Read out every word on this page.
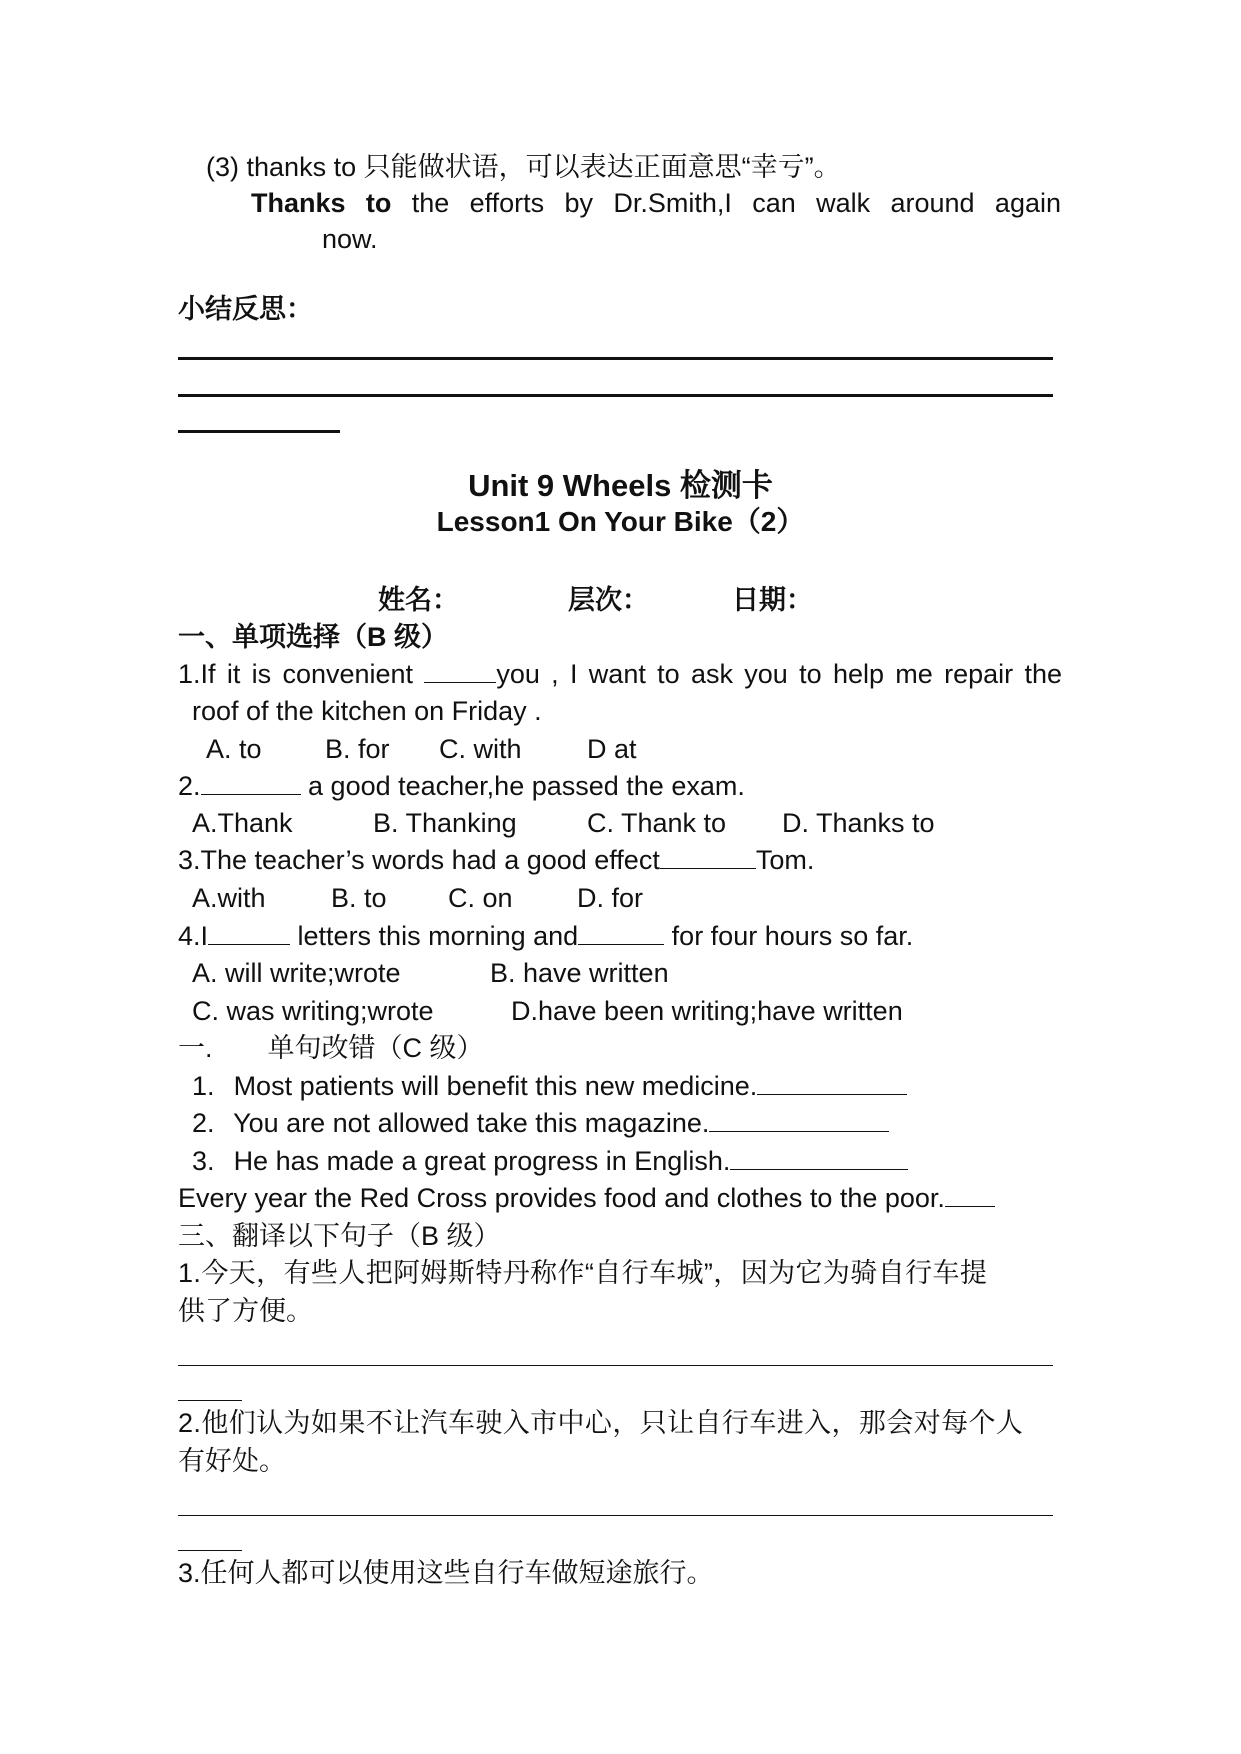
(3) thanks to 只能做状语，可以表达正面意思“幸亏”。
Thanks to the efforts by Dr.Smith,I can walk around again
now.
小结反思：
Unit 9 Wheels 检测卡
Lesson1 On Your Bike（2）
姓名：	层次：	日期：
一、单项选择（B 级）
1.If it is convenient	you , I want to ask you to help me repair the
roof of the kitchen on Friday .
A. to B. for C. with D at
2.	a good teacher,he passed the exam.
A.Thank	B. Thanking	C. Thank to D. Thanks to
3.The teacher’s words had a good effect	Tom.
A.with B. to C. on D. for
4.I	letters this morning and	for four hours so far.
A. will write;wrote	B. have written
C. was writing;wrote	D.have been writing;have written
一. 单句改错（C 级）
1. Most patients will benefit this new medicine.
2. You are not allowed take this magazine.
3. He has made a great progress in English.
Every year the Red Cross provides food and clothes to the poor.
三、翻译以下句子（B 级）
1.今天，有些人把阿姆斯特丹称作“自行车城”，因为它为骑自行车提
供了方便。
2.他们认为如果不让汽车驶入市中心，只让自行车进入，那会对每个人
有好处。
3.任何人都可以使用这些自行车做短途旅行。
